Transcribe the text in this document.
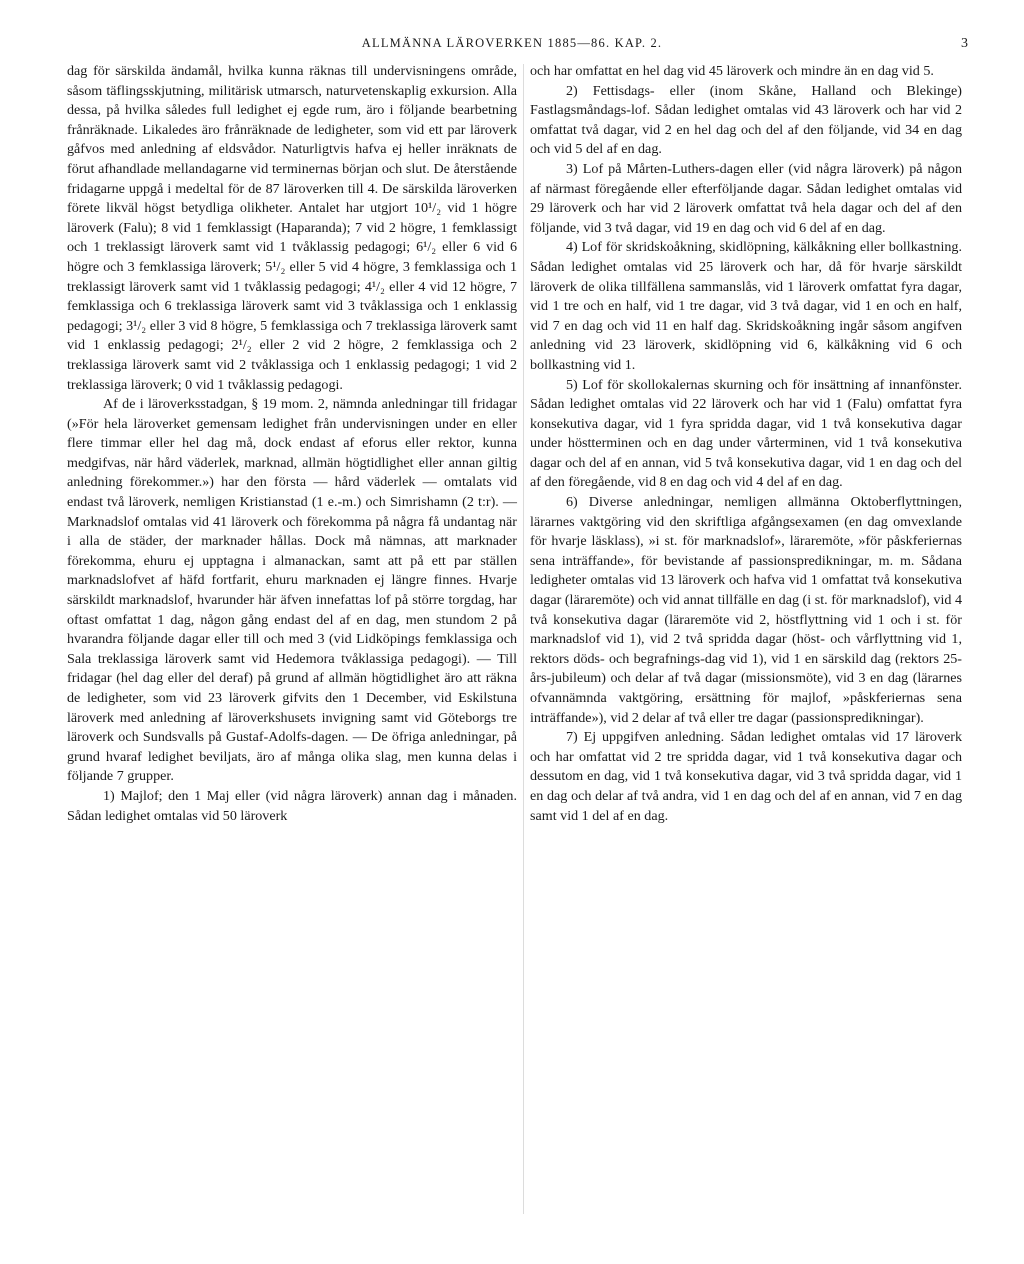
ALLMÄNNA LÄROVERKEN 1885—86. KAP. 2.	3

dag för särskilda ändamål, hvilka kunna räknas till undervisningens område, såsom täflingsskjutning, militärisk utmarsch, naturvetenskaplig exkursion. Alla dessa, på hvilka således full ledighet ej egde rum, äro i följande bearbetning frånräknade. Likaledes äro frånräknade de ledigheter, som vid ett par läroverk gåfvos med anledning af eldsvådor. Naturligtvis hafva ej heller inräknats de förut afhandlade mellandagarne vid terminernas början och slut. De återstående fridagarne uppgå i medeltal för de 87 läroverken till 4. De särskilda läroverken förete likväl högst betydliga olikheter. Antalet har utgjort 10¹/₂ vid 1 högre läroverk (Falu); 8 vid 1 femklassigt (Haparanda); 7 vid 2 högre, 1 femklassigt och 1 treklassigt läroverk samt vid 1 tvåklassig pedagogi; 6¹/₂ eller 6 vid 6 högre och 3 femklassiga läroverk; 5¹/₂ eller 5 vid 4 högre, 3 femklassiga och 1 treklassigt läroverk samt vid 1 tvåklassig pedagogi; 4¹/₂ eller 4 vid 12 högre, 7 femklassiga och 6 treklassiga läroverk samt vid 3 tvåklassiga och 1 enklassig pedagogi; 3¹/₂ eller 3 vid 8 högre, 5 femklassiga och 7 treklassiga läroverk samt vid 1 enklassig pedagogi; 2¹/₂ eller 2 vid 2 högre, 2 femklassiga och 2 treklassiga läroverk samt vid 2 tvåklassiga och 1 enklassig pedagogi; 1 vid 2 treklassiga läroverk; 0 vid 1 tvåklassig pedagogi.

Af de i läroverksstadgan, § 19 mom. 2, nämnda anledningar till fridagar (»För hela läroverket gemensam ledighet från undervisningen under en eller flere timmar eller hel dag må, dock endast af eforus eller rektor, kunna medgifvas, när hård väderlek, marknad, allmän högtidlighet eller annan giltig anledning förekommer.») har den första — hård väderlek — omtalats vid endast två läroverk, nemligen Kristianstad (1 e.-m.) och Simrishamn (2 t:r). — Marknadslof omtalas vid 41 läroverk och förekomma på några få undantag när i alla de städer, der marknader hållas. Dock må nämnas, att marknader förekomma, ehuru ej upptagna i almanackan, samt att på ett par ställen marknadslofvet af häfd fortfarit, ehuru marknaden ej längre finnes. Hvarje särskildt marknadslof, hvarunder här äfven innefattas lof på större torgdag, har oftast omfattat 1 dag, någon gång endast del af en dag, men stundom 2 på hvarandra följande dagar eller till och med 3 (vid Lidköpings femklassiga och Sala treklassiga läroverk samt vid Hedemora tvåklassiga pedagogi). — Till fridagar (hel dag eller del deraf) på grund af allmän högtidlighet äro att räkna de ledigheter, som vid 23 läroverk gifvits den 1 December, vid Eskilstuna läroverk med anledning af läroverkshusets invigning samt vid Göteborgs tre läroverk och Sundsvalls på Gustaf-Adolfs-dagen. — De öfriga anledningar, på grund hvaraf ledighet beviljats, äro af många olika slag, men kunna delas i följande 7 grupper.

1) Majlof; den 1 Maj eller (vid några läroverk) annan dag i månaden. Sådan ledighet omtalas vid 50 läroverk

och har omfattat en hel dag vid 45 läroverk och mindre än en dag vid 5.

2) Fettisdags- eller (inom Skåne, Halland och Blekinge) Fastlagsmåndags-lof. Sådan ledighet omtalas vid 43 läroverk och har vid 2 omfattat två dagar, vid 2 en hel dag och del af den följande, vid 34 en dag och vid 5 del af en dag.

3) Lof på Mårten-Luthers-dagen eller (vid några läroverk) på någon af närmast föregående eller efterföljande dagar. Sådan ledighet omtalas vid 29 läroverk och har vid 2 läroverk omfattat två hela dagar och del af den följande, vid 3 två dagar, vid 19 en dag och vid 6 del af en dag.

4) Lof för skridskoåkning, skidlöpning, kälkåkning eller bollkastning. Sådan ledighet omtalas vid 25 läroverk och har, då för hvarje särskildt läroverk de olika tillfällena sammanslås, vid 1 läroverk omfattat fyra dagar, vid 1 tre och en half, vid 1 tre dagar, vid 3 två dagar, vid 1 en och en half, vid 7 en dag och vid 11 en half dag. Skridskoåkning ingår såsom angifven anledning vid 23 läroverk, skidlöpning vid 6, kälkåkning vid 6 och bollkastning vid 1.

5) Lof för skollokalernas skurning och för insättning af innanfönster. Sådan ledighet omtalas vid 22 läroverk och har vid 1 (Falu) omfattat fyra konsekutiva dagar, vid 1 fyra spridda dagar, vid 1 två konsekutiva dagar under höstterminen och en dag under vårterminen, vid 1 två konsekutiva dagar och del af en annan, vid 5 två konsekutiva dagar, vid 1 en dag och del af den föregående, vid 8 en dag och vid 4 del af en dag.

6) Diverse anledningar, nemligen allmänna Oktoberflyttningen, lärarnes vaktgöring vid den skriftliga afgångsexamen (en dag omvexlande för hvarje läsklass), »i st. för marknadslof», läraremöte, »för påskferiernas sena inträffande», för bevistande af passionspredikningar, m. m. Sådana ledigheter omtalas vid 13 läroverk och hafva vid 1 omfattat två konsekutiva dagar (läraremöte) och vid annat tillfälle en dag (i st. för marknadslof), vid 4 två konsekutiva dagar (läraremöte vid 2, höstflyttning vid 1 och i st. för marknadslof vid 1), vid 2 två spridda dagar (höst- och vårflyttning vid 1, rektors döds- och begrafnings-dag vid 1), vid 1 en särskild dag (rektors 25-års-jubileum) och delar af två dagar (missionsmöte), vid 3 en dag (lärarnes ofvannämnda vaktgöring, ersättning för majlof, »påskferiernas sena inträffande»), vid 2 delar af två eller tre dagar (passionspredikningar).

7) Ej uppgifven anledning. Sådan ledighet omtalas vid 17 läroverk och har omfattat vid 2 tre spridda dagar, vid 1 två konsekutiva dagar och dessutom en dag, vid 1 två konsekutiva dagar, vid 3 två spridda dagar, vid 1 en dag och delar af två andra, vid 1 en dag och del af en annan, vid 7 en dag samt vid 1 del af en dag.
